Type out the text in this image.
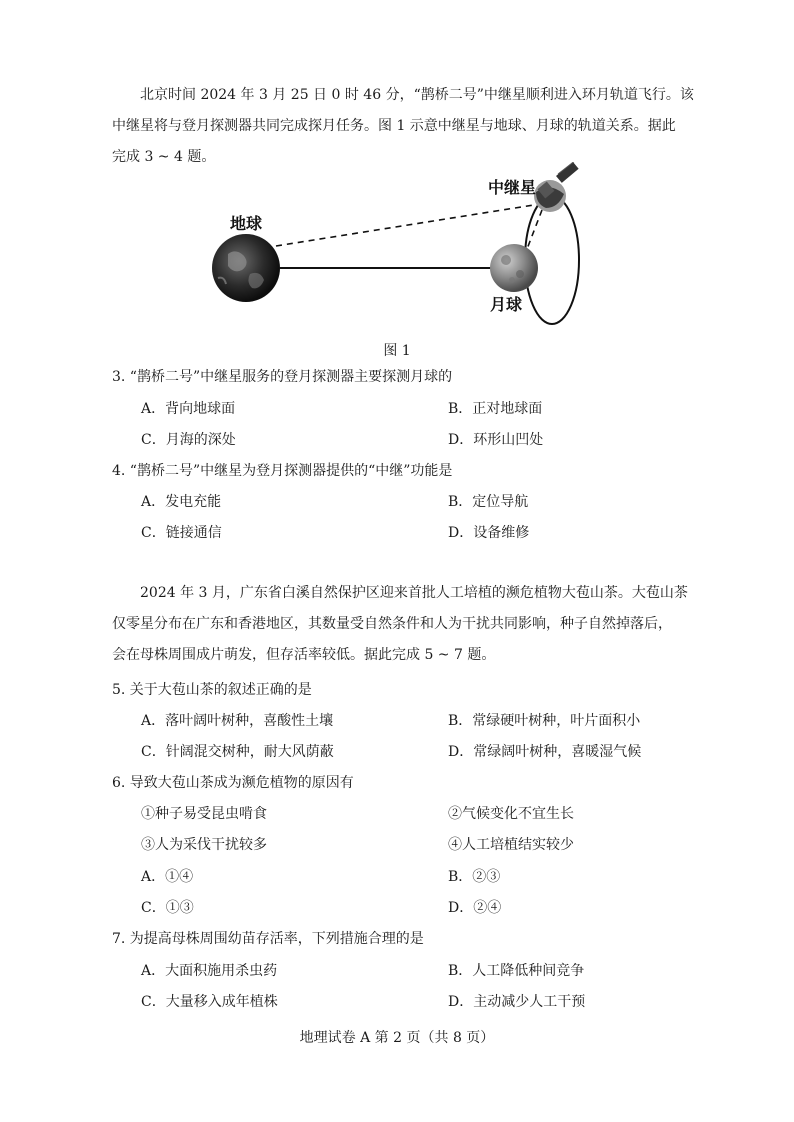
北京时间 2024 年 3 月 25 日 0 时 46 分，“鹊桥二号”中继星顺利进入环月轨道飞行。该
中继星将与登月探测器共同完成探月任务。图 1 示意中继星与地球、月球的轨道关系。据此
完成 3 ~ 4 题。

中继星
地球
月球
图 1
3. “鹊桥二号”中继星服务的登月探测器主要探测月球的
A．背向地球面	B．正对地球面
C．月海的深处	D．环形山凹处
4. “鹊桥二号”中继星为登月探测器提供的“中继”功能是
A．发电充能	B．定位导航
C．链接通信	D．设备维修

2024 年 3 月，广东省白溪自然保护区迎来首批人工培植的濒危植物大苞山茶。大苞山茶
仅零星分布在广东和香港地区，其数量受自然条件和人为干扰共同影响，种子自然掉落后，
会在母株周围成片萌发，但存活率较低。据此完成 5 ~ 7 题。

5. 关于大苞山茶的叙述正确的是
A．落叶阔叶树种，喜酸性土壤	B．常绿硬叶树种，叶片面积小
C．针阔混交树种，耐大风荫蔽	D．常绿阔叶树种，喜暖湿气候
6. 导致大苞山茶成为濒危植物的原因有
①种子易受昆虫啃食	②气候变化不宜生长
③人为采伐干扰较多	④人工培植结实较少
A．①④	B．②③
C．①③	D．②④
7. 为提高母株周围幼苗存活率，下列措施合理的是
A．大面积施用杀虫药	B．人工降低种间竞争
C．大量移入成年植株	D．主动减少人工干预
地理试卷 A 第 2 页（共 8 页）
